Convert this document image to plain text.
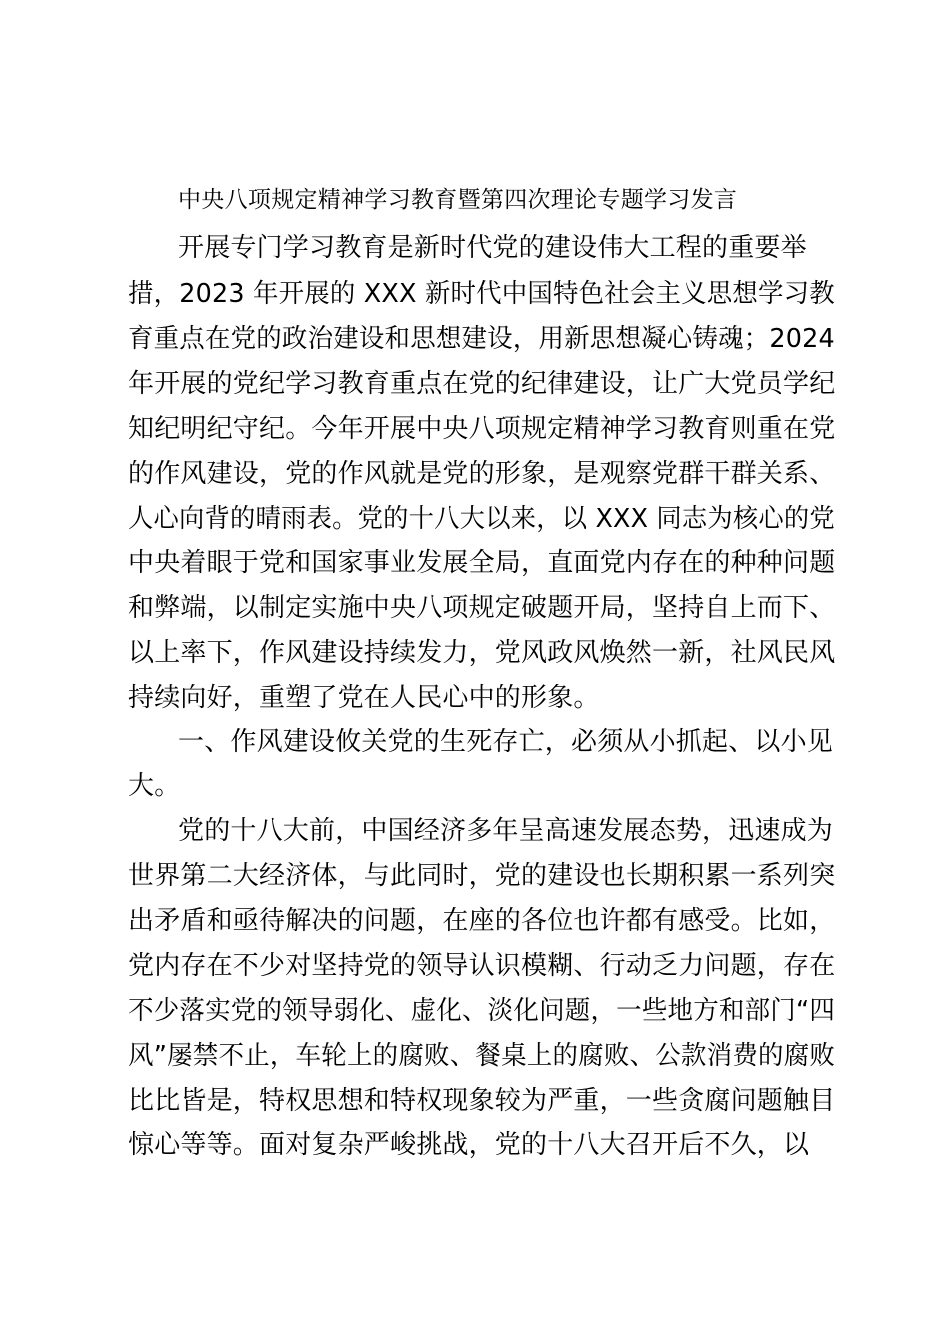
中央八项规定精神学习教育暨第四次理论专题学习发言
开展专门学习教育是新时代党的建设伟大工程的重要举
措，2023 年开展的 XXX 新时代中国特色社会主义思想学习教
育重点在党的政治建设和思想建设，用新思想凝心铸魂；2024
年开展的党纪学习教育重点在党的纪律建设，让广大党员学纪
知纪明纪守纪。今年开展中央八项规定精神学习教育则重在党
的作风建设，党的作风就是党的形象，是观察党群干群关系、
人心向背的晴雨表。党的十八大以来，以 XXX 同志为核心的党
中央着眼于党和国家事业发展全局，直面党内存在的种种问题
和弊端，以制定实施中央八项规定破题开局，坚持自上而下、
以上率下，作风建设持续发力，党风政风焕然一新，社风民风
持续向好，重塑了党在人民心中的形象。
一、作风建设攸关党的生死存亡，必须从小抓起、以小见
大。
党的十八大前，中国经济多年呈高速发展态势，迅速成为
世界第二大经济体，与此同时，党的建设也长期积累一系列突
出矛盾和亟待解决的问题，在座的各位也许都有感受。比如，
党内存在不少对坚持党的领导认识模糊、行动乏力问题，存在
不少落实党的领导弱化、虚化、淡化问题，一些地方和部门“四
风”屡禁不止，车轮上的腐败、餐桌上的腐败、公款消费的腐败
比比皆是，特权思想和特权现象较为严重，一些贪腐问题触目
惊心等等。面对复杂严峻挑战，党的十八大召开后不久，以
